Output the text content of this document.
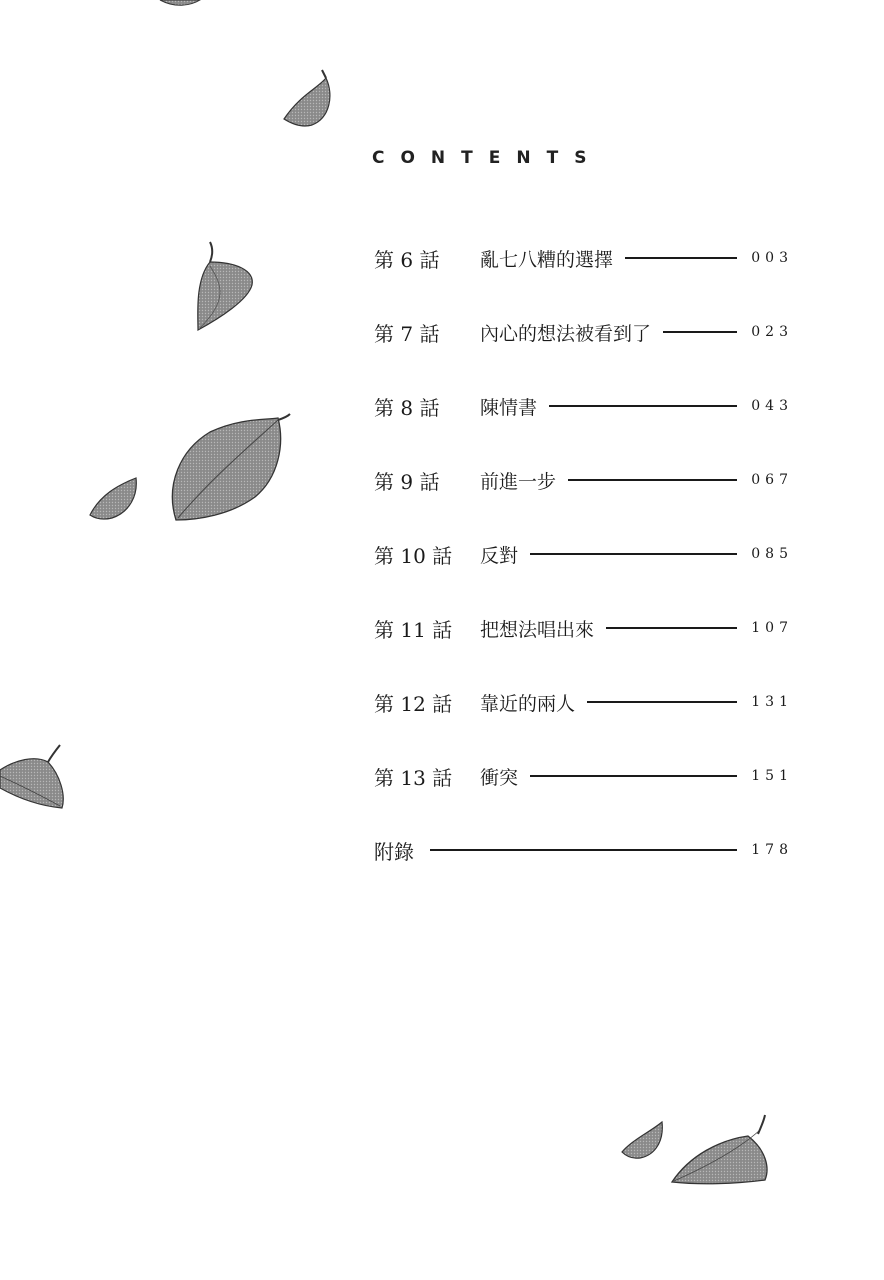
CONTENTS
第 6 話	亂七八糟的選擇	003
第 7 話	內心的想法被看到了	023
第 8 話	陳情書	043
第 9 話	前進一步	067
第 10 話	反對	085
第 11 話	把想法唱出來	107
第 12 話	靠近的兩人	131
第 13 話	衝突	151
附錄	178
